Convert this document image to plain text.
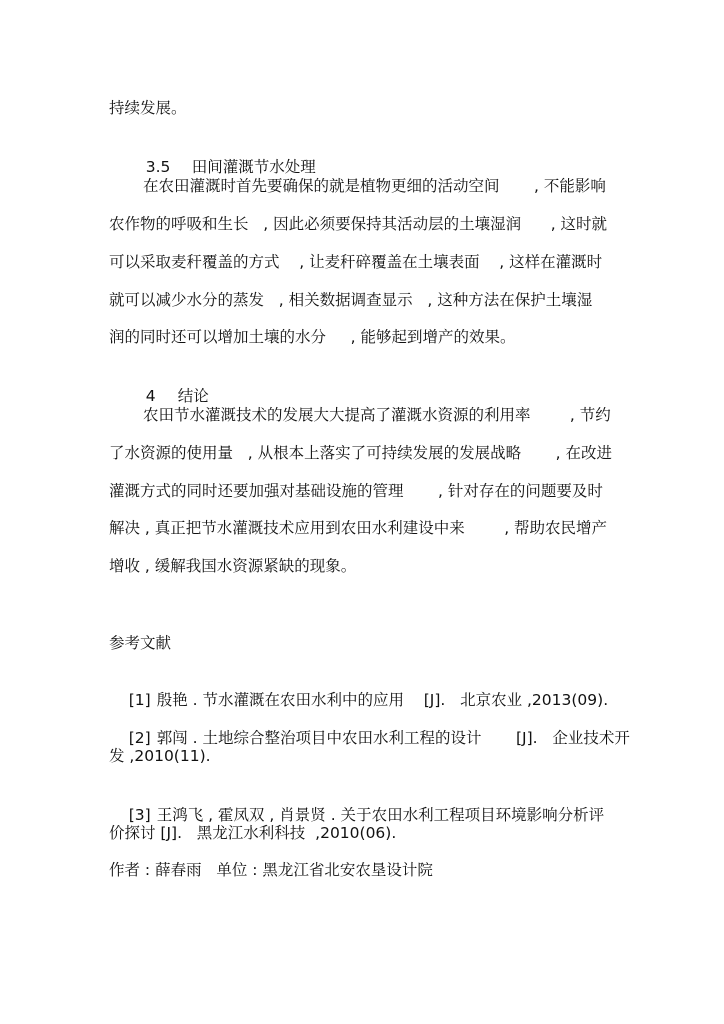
持续发展。

3.5 田间灌溉节水处理

在农田灌溉时首先要确保的就是植物更细的活动空间       , 不能影响
农作物的呼吸和生长   , 因此必须要保持其活动层的土壤湿润      , 这时就
可以采取麦秆覆盖的方式    , 让麦秆碎覆盖在土壤表面    , 这样在灌溉时
就可以减少水分的蒸发   , 相关数据调查显示   , 这种方法在保护土壤湿
润的同时还可以增加土壤的水分     , 能够起到增产的效果。

4 结论

农田节水灌溉技术的发展大大提高了灌溉水资源的利用率        , 节约
了水资源的使用量   , 从根本上落实了可持续发展的发展战略       , 在改进
灌溉方式的同时还要加强对基础设施的管理       , 针对存在的问题要及时
解决 , 真正把节水灌溉技术应用到农田水利建设中来        , 帮助农民增产
增收 , 缓解我国水资源紧缺的现象。
参考文献

[1] 殷艳 . 节水灌溉在农田水利中的应用    [J].   北京农业 ,2013(09).

[2] 郭闯 . 土地综合整治项目中农田水利工程的设计       [J].   企业技术开

发 ,2010(11).

[3] 王鸿飞 , 霍凤双 , 肖景贤 . 关于农田水利工程项目环境影响分析评

价探讨 [J].   黑龙江水利科技  ,2010(06).
作者 : 薛春雨   单位 : 黑龙江省北安农垦设计院
